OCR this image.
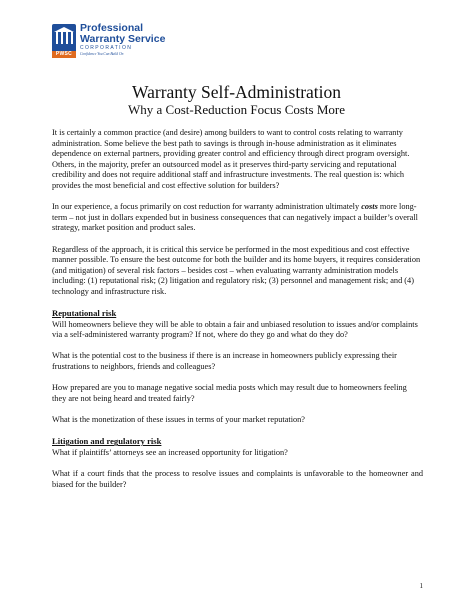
PWSC
Professional
Warranty Service
CORPORATION
Confidence You Can Build On
Warranty Self-Administration
Why a Cost-Reduction Focus Costs More

It is certainly a common practice (and desire) among builders to want to control costs relating to warranty administration. Some believe the best path to savings is through in-house administration as it eliminates dependence on external partners, providing greater control and efficiency through direct program oversight. Others, in the majority, prefer an outsourced model as it preserves third-party servicing and reputational credibility and does not require additional staff and infrastructure investments. The real question is: which provides the most beneficial and cost effective solution for builders?

In our experience, a focus primarily on cost reduction for warranty administration ultimately costs more long-term – not just in dollars expended but in business consequences that can negatively impact a builder’s overall strategy, market position and product sales.

Regardless of the approach, it is critical this service be performed in the most expeditious and cost effective manner possible. To ensure the best outcome for both the builder and its home buyers, it requires consideration (and mitigation) of several risk factors – besides cost – when evaluating warranty administration models including: (1) reputational risk; (2) litigation and regulatory risk; (3) personnel and management risk; and (4) technology and infrastructure risk.

Reputational risk

Will homeowners believe they will be able to obtain a fair and unbiased resolution to issues and/or complaints via a self-administered warranty program? If not, where do they go and what do they do?

What is the potential cost to the business if there is an increase in homeowners publicly expressing their frustrations to neighbors, friends and colleagues?

How prepared are you to manage negative social media posts which may result due to homeowners feeling they are not being heard and treated fairly?

What is the monetization of these issues in terms of your market reputation?

Litigation and regulatory risk

What if plaintiffs’ attorneys see an increased opportunity for litigation?

What if a court finds that the process to resolve issues and complaints is unfavorable to the homeowner and biased for the builder?

1
